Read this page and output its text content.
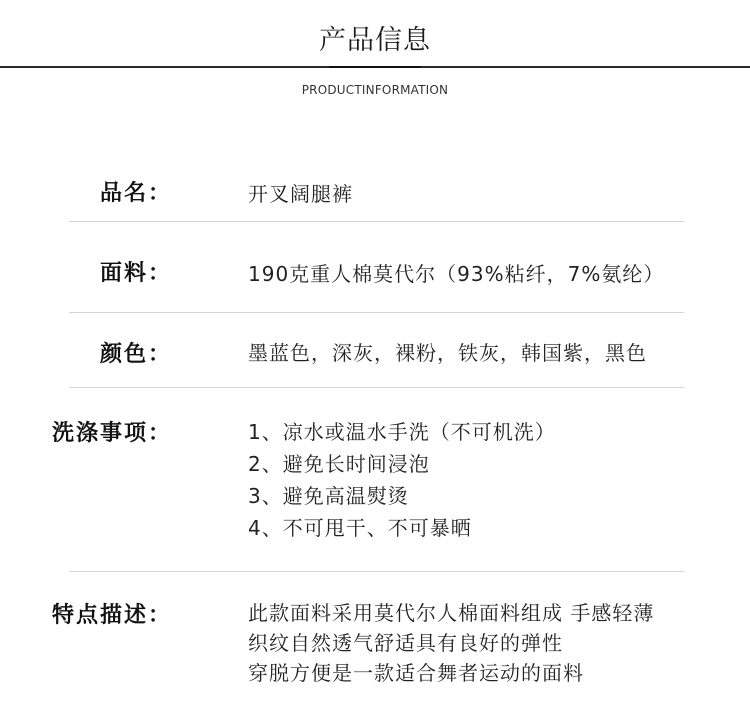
产品信息
PRODUCTINFORMATION
品名：	开叉阔腿裤
面料：	190克重人棉莫代尔（93%粘纤，7%氨纶）
颜色：	墨蓝色，深灰，裸粉，铁灰，韩国紫，黑色
洗涤事项：	1、凉水或温水手洗（不可机洗）
2、避免长时间浸泡
3、避免高温熨烫
4、不可甩干、不可暴晒
特点描述：	此款面料采用莫代尔人棉面料组成 手感轻薄
织纹自然透气舒适具有良好的弹性
穿脱方便是一款适合舞者运动的面料
